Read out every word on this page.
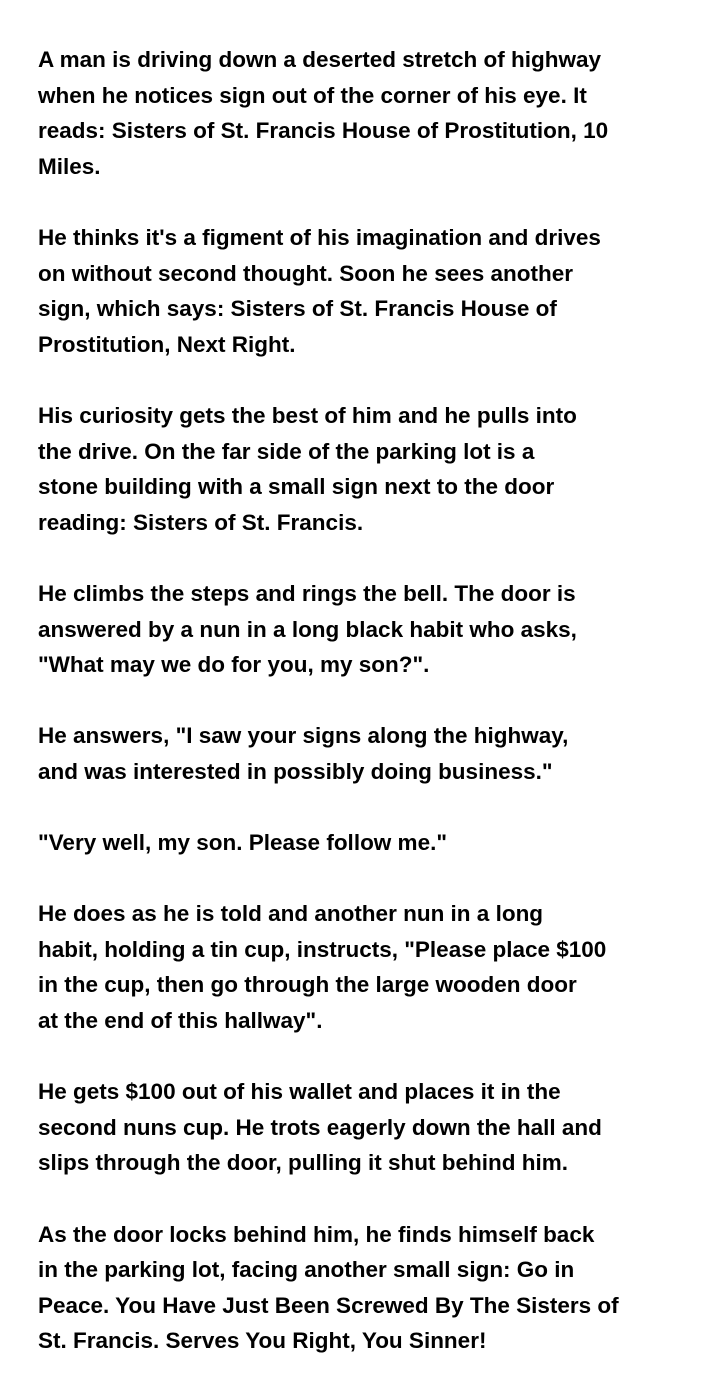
A man is driving down a deserted stretch of highway
when he notices sign out of the corner of his eye. It
reads: Sisters of St. Francis House of Prostitution, 10
Miles.

He thinks it's a figment of his imagination and drives
on without second thought. Soon he sees another
sign, which says: Sisters of St. Francis House of
Prostitution, Next Right.

His curiosity gets the best of him and he pulls into
the drive. On the far side of the parking lot is a
stone building with a small sign next to the door
reading: Sisters of St. Francis.

He climbs the steps and rings the bell. The door is
answered by a nun in a long black habit who asks,
"What may we do for you, my son?".

He answers, "I saw your signs along the highway,
and was interested in possibly doing business."

"Very well, my son. Please follow me."

He does as he is told and another nun in a long
habit, holding a tin cup, instructs, "Please place $100
in the cup, then go through the large wooden door
at the end of this hallway".

He gets $100 out of his wallet and places it in the
second nuns cup. He trots eagerly down the hall and
slips through the door, pulling it shut behind him.

As the door locks behind him, he finds himself back
in the parking lot, facing another small sign: Go in
Peace. You Have Just Been Screwed By The Sisters of
St. Francis. Serves You Right, You Sinner!
